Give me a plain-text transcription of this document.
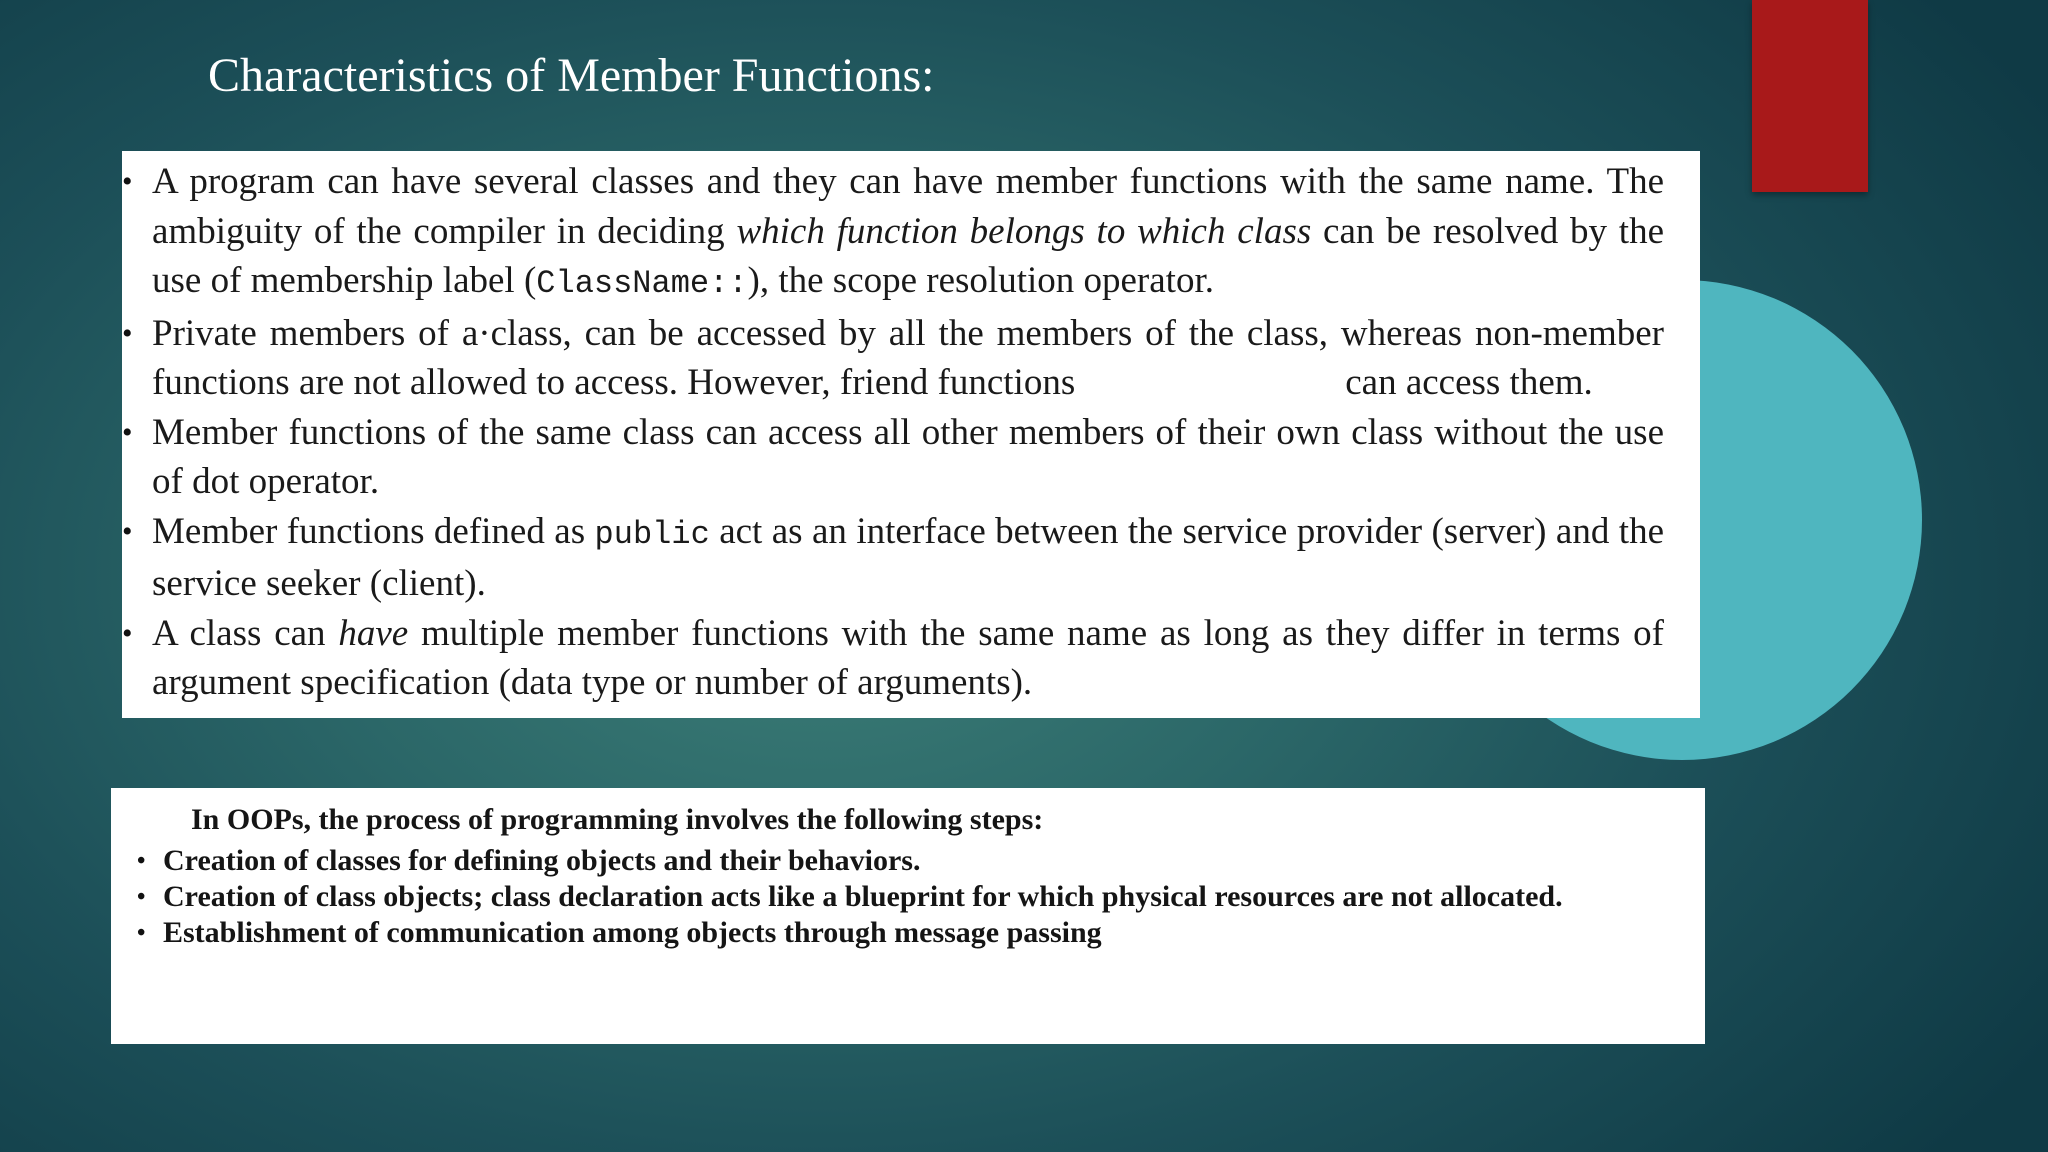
Characteristics of Member Functions:
• A program can have several classes and they can have member functions with the same name. The ambiguity of the compiler in deciding which function belongs to which class can be resolved by the use of membership label (ClassName::), the scope resolution operator.
• Private members of a·class, can be accessed by all the members of the class, whereas non-member functions are not allowed to access. However, friend functions	can access them.
• Member functions of the same class can access all other members of their own class without the use of dot operator.
• Member functions defined as public act as an interface between the service provider (server) and the service seeker (client).
• A class can have multiple member functions with the same name as long as they differ in terms of argument specification (data type or number of arguments).
In OOPs, the process of programming involves the following steps:
• Creation of classes for defining objects and their behaviors.
• Creation of class objects; class declaration acts like a blueprint for which physical resources are not allocated.
• Establishment of communication among objects through message passing
